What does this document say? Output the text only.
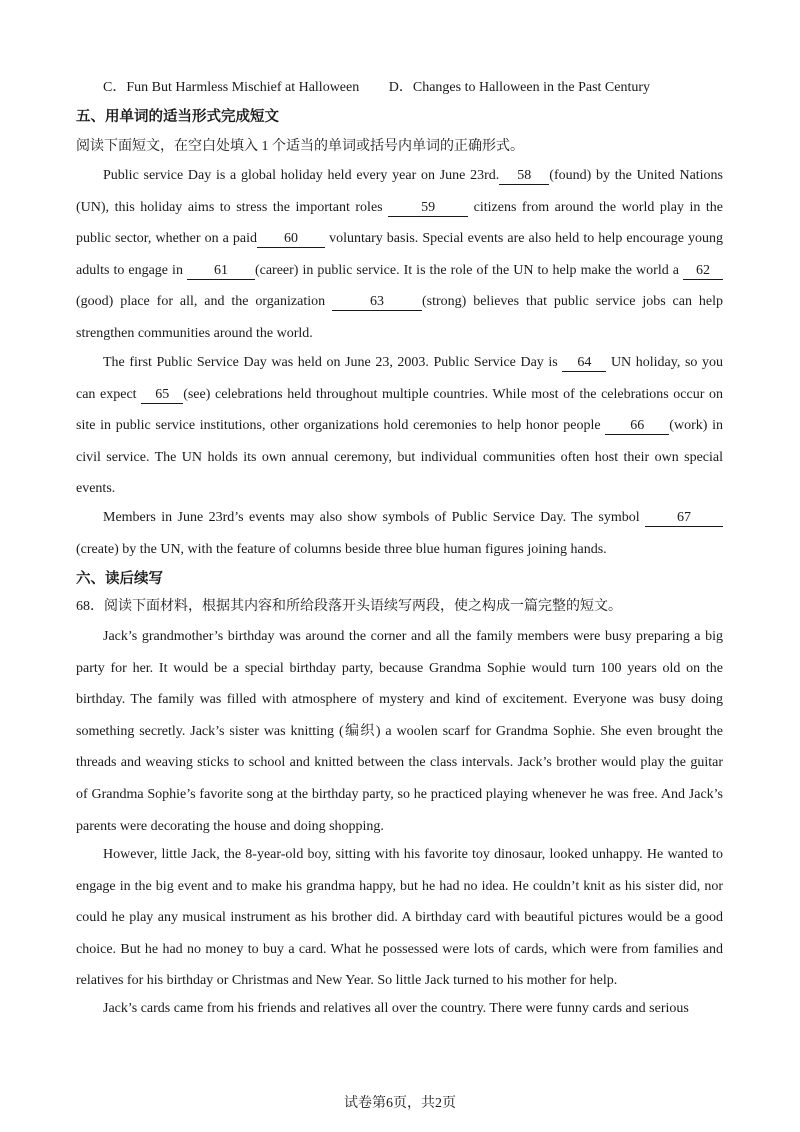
C．Fun But Harmless Mischief at Halloween D．Changes to Halloween in the Past Century
五、用单词的适当形式完成短文
阅读下面短文，在空白处填入 1 个适当的单词或括号内单词的正确形式。

Public service Day is a global holiday held every year on June 23rd. 58 (found) by the United Nations (UN), this holiday aims to stress the important roles 59 citizens from around the world play in the public sector, whether on a paid 60 voluntary basis. Special events are also held to help encourage young adults to engage in 61 (career) in public service. It is the role of the UN to help make the world a 62 (good) place for all, and the organization	63	(strong) believes that public service jobs can help strengthen communities around the world.

The first Public Service Day was held on June 23, 2003. Public Service Day is 64 UN holiday, so you can expect 65 (see) celebrations held throughout multiple countries. While most of the celebrations occur on site in public service institutions, other organizations hold ceremonies to help honor people 66 (work) in civil service. The UN holds its own annual ceremony, but individual communities often host their own special events.

Members in June 23rd’s events may also show symbols of Public Service Day. The symbol 67 (create) by the UN, with the feature of columns beside three blue human figures joining hands.

六、读后续写
68．阅读下面材料，根据其内容和所给段落开头语续写两段，使之构成一篇完整的短文。

Jack’s grandmother’s birthday was around the corner and all the family members were busy preparing a big party for her. It would be a special birthday party, because Grandma Sophie would turn 100 years old on the birthday. The family was filled with atmosphere of mystery and kind of excitement. Everyone was busy doing something secretly. Jack’s sister was knitting (编织) a woolen scarf for Grandma Sophie. She even brought the threads and weaving sticks to school and knitted between the class intervals. Jack’s brother would play the guitar of Grandma Sophie’s favorite song at the birthday party, so he practiced playing whenever he was free. And Jack’s parents were decorating the house and doing shopping.

However, little Jack, the 8-year-old boy, sitting with his favorite toy dinosaur, looked unhappy. He wanted to engage in the big event and to make his grandma happy, but he had no idea. He couldn’t knit as his sister did, nor could he play any musical instrument as his brother did. A birthday card with beautiful pictures would be a good choice. But he had no money to buy a card. What he possessed were lots of cards, which were from families and relatives for his birthday or Christmas and New Year. So little Jack turned to his mother for help.

Jack’s cards came from his friends and relatives all over the country. There were funny cards and serious

试卷第6页，共2页
